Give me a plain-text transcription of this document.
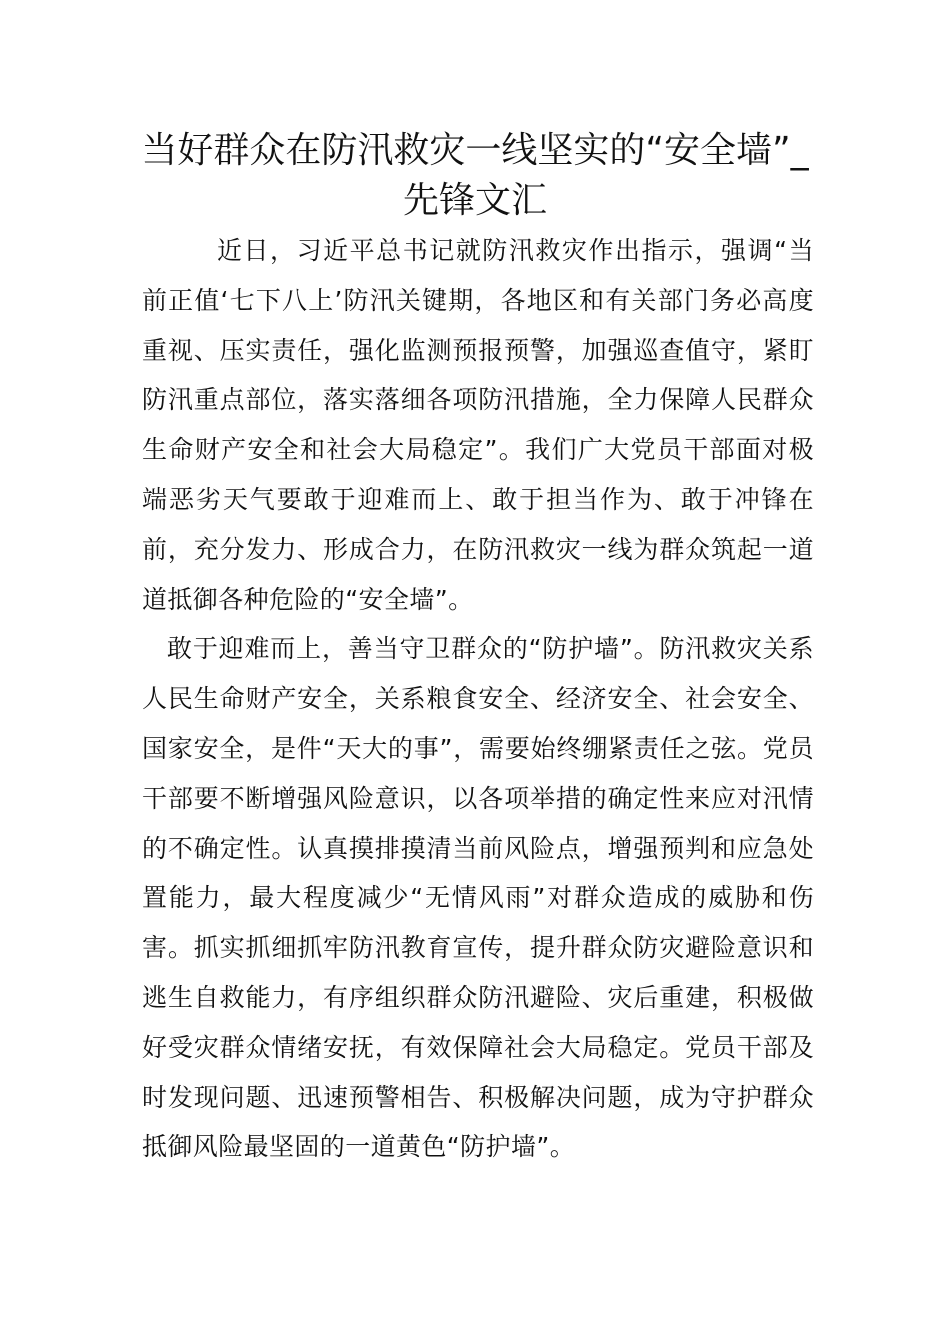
当好群众在防汛救灾一线坚实的“安全墙”_先锋文汇

近日，习近平总书记就防汛救灾作出指示，强调“当前正值‘七下八上’防汛关键期，各地区和有关部门务必高度重视、压实责任，强化监测预报预警，加强巡查值守，紧盯防汛重点部位，落实落细各项防汛措施，全力保障人民群众生命财产安全和社会大局稳定”。我们广大党员干部面对极端恶劣天气要敢于迎难而上、敢于担当作为、敢于冲锋在前，充分发力、形成合力，在防汛救灾一线为群众筑起一道道抵御各种危险的“安全墙”。

敢于迎难而上，善当守卫群众的“防护墙”。防汛救灾关系人民生命财产安全，关系粮食安全、经济安全、社会安全、国家安全，是件“天大的事”，需要始终绷紧责任之弦。党员干部要不断增强风险意识，以各项举措的确定性来应对汛情的不确定性。认真摸排摸清当前风险点，增强预判和应急处置能力，最大程度减少“无情风雨”对群众造成的威胁和伤害。抓实抓细抓牢防汛教育宣传，提升群众防灾避险意识和逃生自救能力，有序组织群众防汛避险、灾后重建，积极做好受灾群众情绪安抚，有效保障社会大局稳定。党员干部及时发现问题、迅速预警相告、积极解决问题，成为守护群众抵御风险最坚固的一道黄色“防护墙”。
